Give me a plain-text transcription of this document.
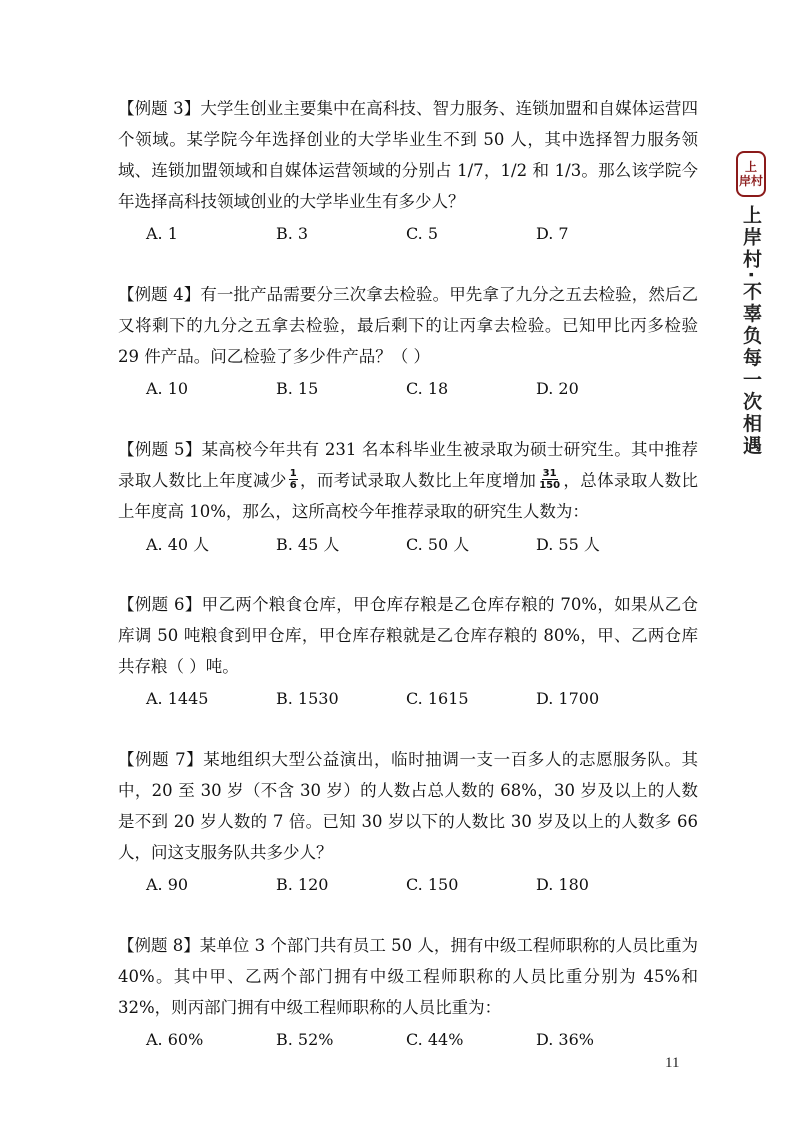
上
岸村
上岸村·不辜负每一次相遇

【例题 3】大学生创业主要集中在高科技、智力服务、连锁加盟和自媒体运营四个领域。某学院今年选择创业的大学毕业生不到 50 人，其中选择智力服务领域、连锁加盟领域和自媒体运营领域的分别占 1/7，1/2 和 1/3。那么该学院今年选择高科技领域创业的大学毕业生有多少人？

A. 1	B. 3	C. 5	D. 7

【例题 4】有一批产品需要分三次拿去检验。甲先拿了九分之五去检验，然后乙又将剩下的九分之五拿去检验，最后剩下的让丙拿去检验。已知甲比丙多检验 29 件产品。问乙检验了多少件产品？（ ）

A. 10	B. 15	C. 18	D. 20

【例题 5】某高校今年共有 231 名本科毕业生被录取为硕士研究生。其中推荐录取人数比上年度减少 $\frac{1}{6}$ ，而考试录取人数比上年度增加 $\frac{31}{150}$ ，总体录取人数比上年度高 10%，那么，这所高校今年推荐录取的研究生人数为：

A. 40 人	B. 45 人	C. 50 人	D. 55 人

【例题 6】甲乙两个粮食仓库，甲仓库存粮是乙仓库存粮的 70%，如果从乙仓库调 50 吨粮食到甲仓库，甲仓库存粮就是乙仓库存粮的 80%，甲、乙两仓库共存粮（ ）吨。

A. 1445	B. 1530	C. 1615	D. 1700

【例题 7】某地组织大型公益演出，临时抽调一支一百多人的志愿服务队。其中，20 至 30 岁（不含 30 岁）的人数占总人数的 68%，30 岁及以上的人数是不到 20 岁人数的 7 倍。已知 30 岁以下的人数比 30 岁及以上的人数多 66 人，问这支服务队共多少人？

A. 90	B. 120	C. 150	D. 180

【例题 8】某单位 3 个部门共有员工 50 人，拥有中级工程师职称的人员比重为 40%。其中甲、乙两个部门拥有中级工程师职称的人员比重分别为 45%和 32%，则丙部门拥有中级工程师职称的人员比重为：

A. 60%	B. 52%	C. 44%	D. 36%
11
